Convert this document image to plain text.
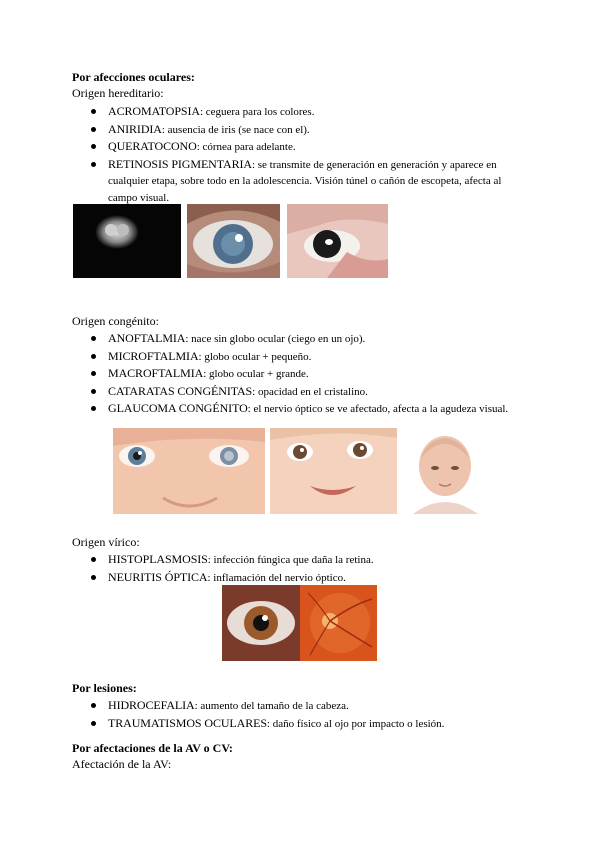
Por afecciones oculares:
Origen hereditario:
ACROMATOPSIA: ceguera para los colores.
ANIRIDIA: ausencia de iris (se nace con el).
QUERATOCONO: córnea para adelante.
RETINOSIS PIGMENTARIA: se transmite de generación en generación y aparece en cualquier etapa, sobre todo en la adolescencia. Visión túnel o cañón de escopeta, afecta al campo visual.
Origen congénito:
ANOFTALMIA: nace sin globo ocular (ciego en un ojo).
MICROFTALMIA: globo ocular + pequeño.
MACROFTALMIA: globo ocular + grande.
CATARATAS CONGÉNITAS: opacidad en el cristalino.
GLAUCOMA CONGÉNITO: el nervio óptico se ve afectado, afecta a la agudeza visual.
Origen vírico:
HISTOPLASMOSIS: infección fúngica que daña la retina.
NEURITIS ÓPTICA: inflamación del nervio óptico.
Por lesiones:
HIDROCEFALIA: aumento del tamaño de la cabeza.
TRAUMATISMOS OCULARES: daño físico al ojo por impacto o lesión.
Por afectaciones de la AV o CV:
Afectación de la AV:
